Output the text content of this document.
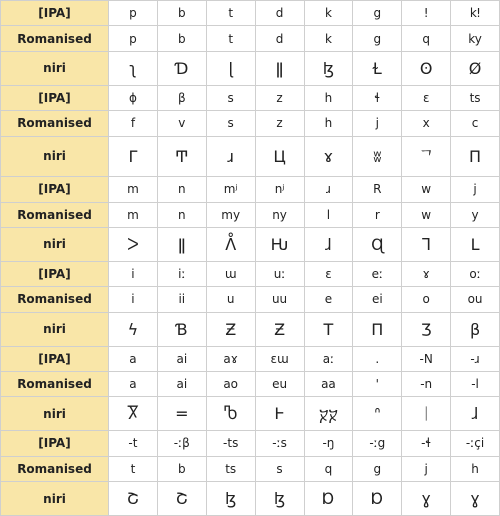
[IPA]	p	b	t	d	k	g	ǃ	kǃ
Romanised	p	b	t	d	k	g	q	ky
niri	ʅ	Ɗ	ɭ	ǁ	ɮ	Ɫ	ʘ	Ø
[IPA]	ɸ	β	s	z	h	ɬ	ɛ	ts
Romanised	f	v	s	z	h	j	x	c
niri	Γ	Ͳ	ɹ	Ц	ɤ	ʬ	ᄀ	Π
[IPA]	m	n	mʲ	nʲ	ɹ	R	w	j
Romanised	m	n	my	ny	l	r	w	y
niri	ᐳ	ǁ	ᐰ	Ƕ	ɺ	Ɋ	ᒣ	L
[IPA]	i	iː	ɯ	uː	ɛ	eː	ɤ	oː
Romanised	i	ii	u	uu	e	ei	o	ou
niri	ϟ	Ɓ	Ƶ	Ƶ	T	Π	Ʒ	β
[IPA]	a	ai	aɤ	ɛɯ	aː	.	-N	-ɹ
Romanised	a	ai	ao	eu	aa	'	-n	-l
niri	Ⴟ	=	Ⴊ	Ⱶ	ⴟⴟ	ᐢ	ᛁ	ɺ
[IPA]	-t	-ːβ	-ts	-ːs	-ŋ	-ːg	-ɬ	-ːçi
Romanised	t	b	ts	s	q	g	j	h
niri	Շ	Շ	ɮ	ɮ	Ɒ	Ɒ	ɣ	ɣ
